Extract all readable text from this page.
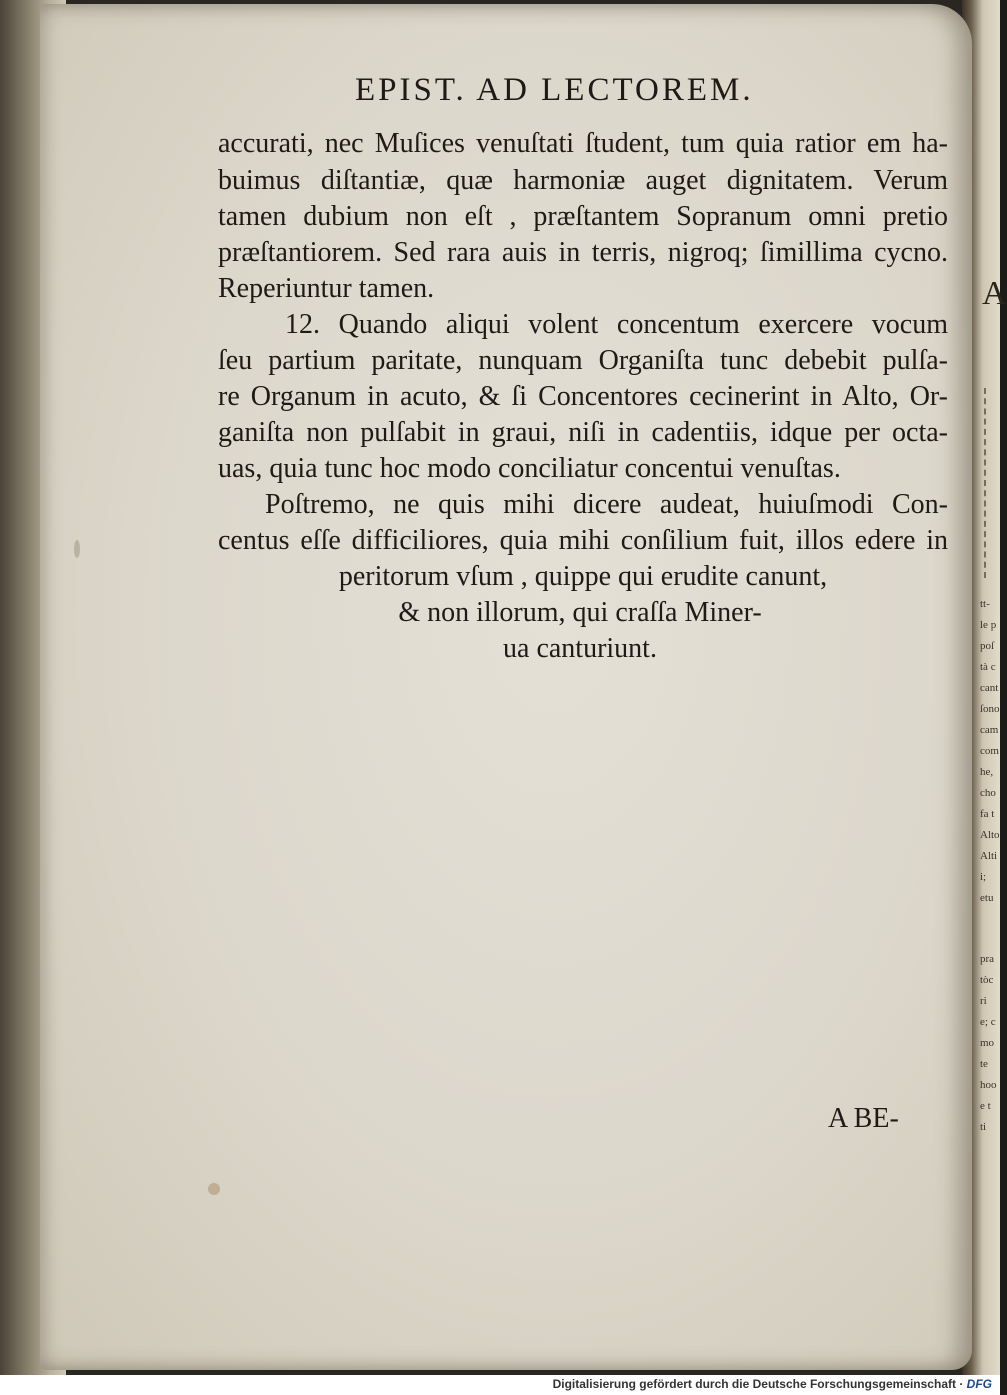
EPIST. AD LECTOREM.
accurati, nec Muſices venuſtati ſtudent, tum quia ratior em ha-
buimus diſtantiæ, quæ harmoniæ auget dignitatem. Verum
tamen dubium non eſt , præſtantem Sopranum omni pretio
præſtantiorem. Sed rara auis in terris, nigroq; ſimillima cycno.
Reperiuntur tamen.
12. Quando aliqui volent concentum exercere vocum
ſeu partium paritate, nunquam Organiſta tunc debebit pulſa-
re Organum in acuto, & ſi Concentores cecinerint in Alto, Or-
ganiſta non pulſabit in graui, niſi in cadentiis, idque per octa-
uas, quia tunc hoc modo conciliatur concentui venuſtas.
Poſtremo, ne quis mihi dicere audeat, huiuſmodi Con-
centus eſſe difficiliores, quia mihi conſilium fuit, illos edere in
peritorum vſum , quippe qui erudite canunt,
& non illorum, qui craſſa Miner-
ua canturiunt.
A BE-
A
tt-
le p
poſ
tà c
cant
ſono
cam
com
he,
cho
fa t
Alto
Alti
i;
etu
pra
tòc
ri
e; c
mo
te
hoo
e t
ti
Digitalisierung gefördert durch die Deutsche Forschungsgemeinschaft · DFG
